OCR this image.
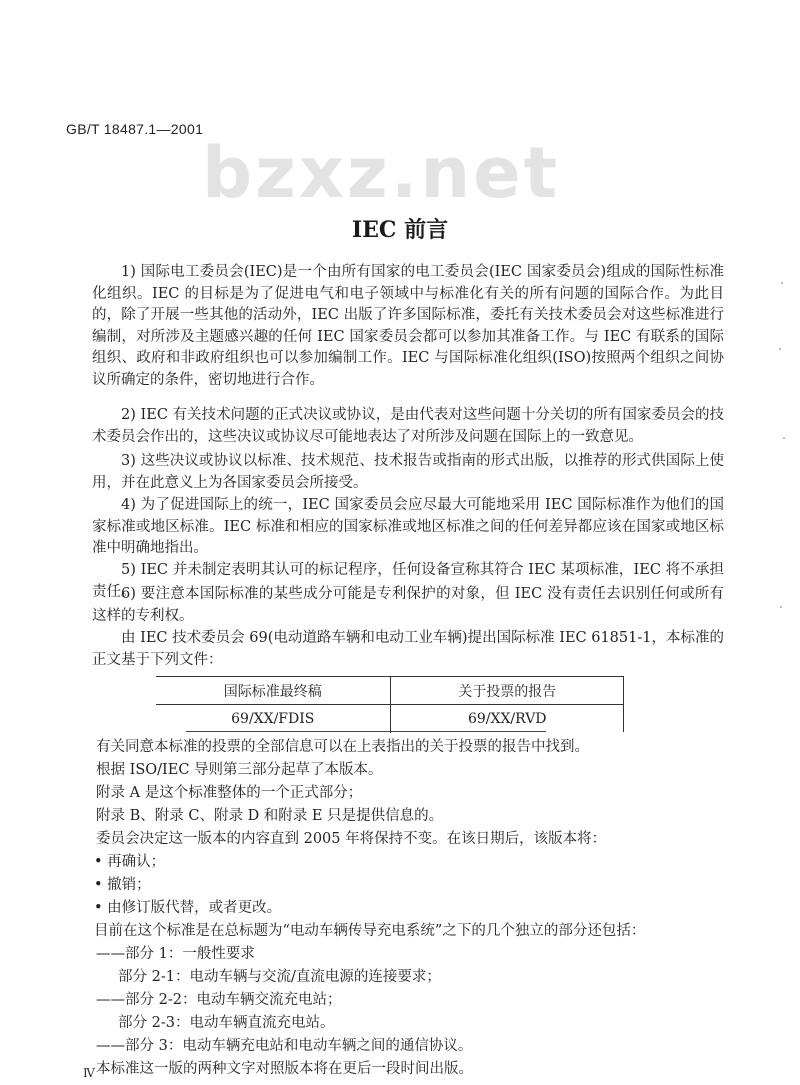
GB/T 18487.1—2001
bzxz.net
IEC 前言

1) 国际电工委员会(IEC)是一个由所有国家的电工委员会(IEC 国家委员会)组成的国际性标准化组织。IEC 的目标是为了促进电气和电子领域中与标准化有关的所有问题的国际合作。为此目的，除了开展一些其他的活动外，IEC 出版了许多国际标准，委托有关技术委员会对这些标准进行编制，对所涉及主题感兴趣的任何 IEC 国家委员会都可以参加其准备工作。与 IEC 有联系的国际组织、政府和非政府组织也可以参加编制工作。IEC 与国际标准化组织(ISO)按照两个组织之间协议所确定的条件，密切地进行合作。

2) IEC 有关技术问题的正式决议或协议，是由代表对这些问题十分关切的所有国家委员会的技术委员会作出的，这些决议或协议尽可能地表达了对所涉及问题在国际上的一致意见。

3) 这些决议或协议以标准、技术规范、技术报告或指南的形式出版，以推荐的形式供国际上使用，并在此意义上为各国家委员会所接受。

4) 为了促进国际上的统一，IEC 国家委员会应尽最大可能地采用 IEC 国际标准作为他们的国家标准或地区标准。IEC 标准和相应的国家标准或地区标准之间的任何差异都应该在国家或地区标准中明确地指出。

5) IEC 并未制定表明其认可的标记程序，任何设备宣称其符合 IEC 某项标准，IEC 将不承担责任。

6) 要注意本国际标准的某些成分可能是专利保护的对象，但 IEC 没有责任去识别任何或所有这样的专利权。

由 IEC 技术委员会 69(电动道路车辆和电动工业车辆)提出国际标准 IEC 61851-1，本标准的正文基于下列文件：

国际标准最终稿	关于投票的报告
69/XX/FDIS	69/XX/RVD
有关同意本标准的投票的全部信息可以在上表指出的关于投票的报告中找到。
根据 ISO/IEC 导则第三部分起草了本版本。
附录 A 是这个标准整体的一个正式部分；
附录 B、附录 C、附录 D 和附录 E 只是提供信息的。
委员会决定这一版本的内容直到 2005 年将保持不变。在该日期后，该版本将：
• 再确认；
• 撤销；
• 由修订版代替，或者更改。
目前在这个标准是在总标题为“电动车辆传导充电系统”之下的几个独立的部分还包括：
——部分 1：一般性要求
部分 2-1：电动车辆与交流/直流电源的连接要求；
——部分 2-2：电动车辆交流充电站；
部分 2-3：电动车辆直流充电站。
——部分 3：电动车辆充电站和电动车辆之间的通信协议。
本标准这一版的两种文字对照版本将在更后一段时间出版。
Ⅳ
